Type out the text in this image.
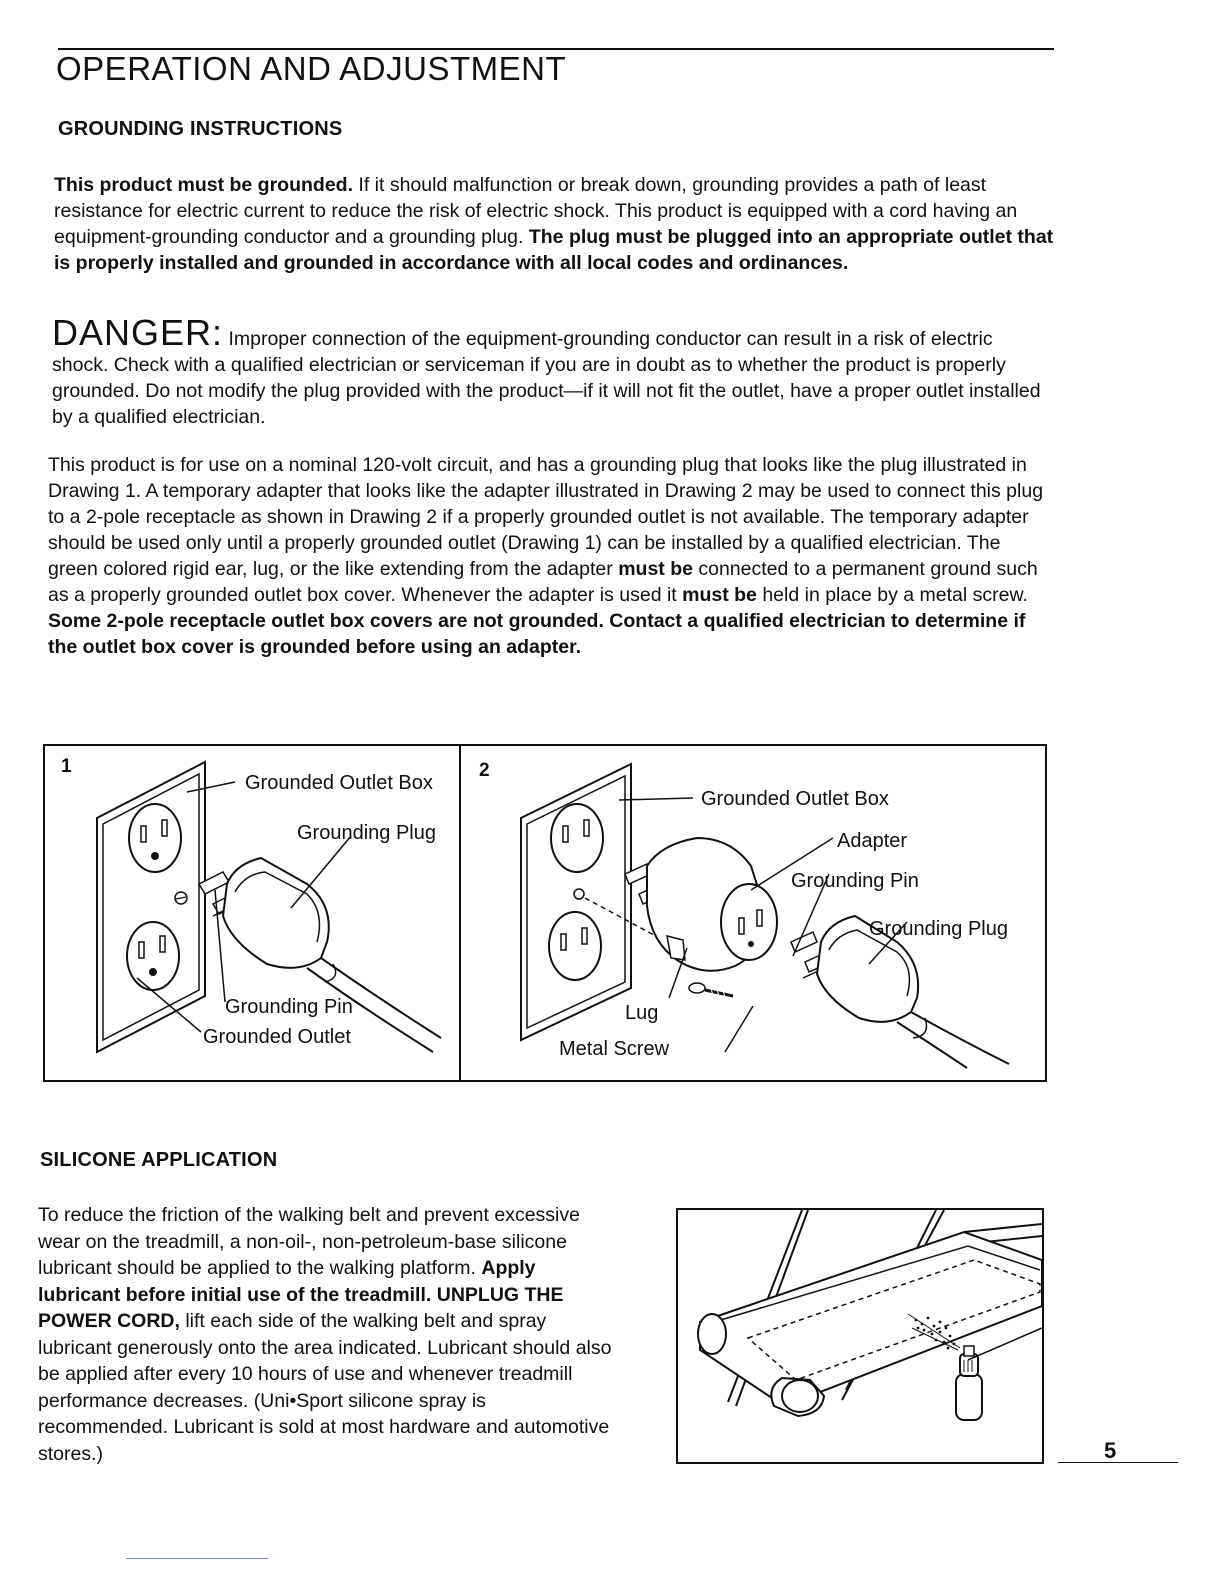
OPERATION AND ADJUSTMENT
GROUNDING INSTRUCTIONS

This product must be grounded. If it should malfunction or break down, grounding provides a path of least resistance for electric current to reduce the risk of electric shock. This product is equipped with a cord having an equipment-grounding conductor and a grounding plug. The plug must be plugged into an appropriate outlet that is properly installed and grounded in accordance with all local codes and ordinances.

DANGER: Improper connection of the equipment-grounding conductor can result in a risk of electric shock. Check with a qualified electrician or serviceman if you are in doubt as to whether the product is properly grounded. Do not modify the plug provided with the product—if it will not fit the outlet, have a proper outlet installed by a qualified electrician.

This product is for use on a nominal 120-volt circuit, and has a grounding plug that looks like the plug illustrated in Drawing 1. A temporary adapter that looks like the adapter illustrated in Drawing 2 may be used to connect this plug to a 2-pole receptacle as shown in Drawing 2 if a properly grounded outlet is not available. The temporary adapter should be used only until a properly grounded outlet (Drawing 1) can be installed by a qualified electrician. The green colored rigid ear, lug, or the like extending from the adapter must be connected to a permanent ground such as a properly grounded outlet box cover. Whenever the adapter is used it must be held in place by a metal screw. Some 2-pole receptacle outlet box covers are not grounded. Contact a qualified electrician to determine if the outlet box cover is grounded before using an adapter.

1
Grounded Outlet Box
Grounding Plug
Grounding Pin
Grounded Outlet
2
Grounded Outlet Box
Adapter
Grounding Pin
Grounding Plug
Lug
Metal Screw
SILICONE APPLICATION

To reduce the friction of the walking belt and prevent excessive wear on the treadmill, a non-oil-, non-petroleum-base silicone lubricant should be applied to the walking platform. Apply lubricant before initial use of the treadmill. UNPLUG THE POWER CORD, lift each side of the walking belt and spray lubricant generously onto the area indicated. Lubricant should also be applied after every 10 hours of use and whenever treadmill performance decreases. (Uni•Sport silicone spray is recommended. Lubricant is sold at most hardware and automotive stores.)	5
